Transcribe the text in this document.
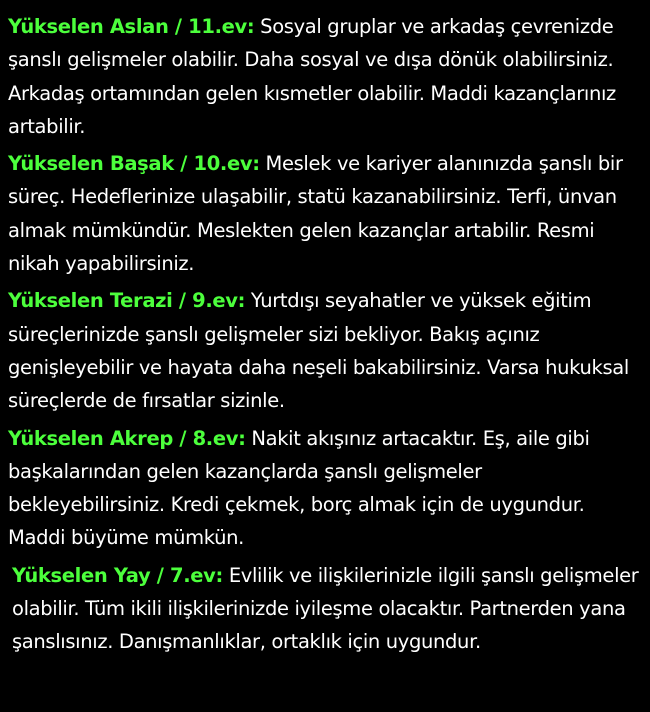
Yükselen Aslan / 11.ev: Sosyal gruplar ve arkadaş çevrenizde şanslı gelişmeler olabilir. Daha sosyal ve dışa dönük olabilirsiniz. Arkadaş ortamından gelen kısmetler olabilir. Maddi kazançlarınız artabilir.

Yükselen Başak / 10.ev: Meslek ve kariyer alanınızda şanslı bir süreç. Hedeflerinize ulaşabilir, statü kazanabilirsiniz. Terfi, ünvan almak mümkündür. Meslekten gelen kazançlar artabilir. Resmi nikah yapabilirsiniz.

Yükselen Terazi / 9.ev: Yurtdışı seyahatler ve yüksek eğitim süreçlerinizde şanslı gelişmeler sizi bekliyor. Bakış açınız genişleyebilir ve hayata daha neşeli bakabilirsiniz. Varsa hukuksal süreçlerde de fırsatlar sizinle.

Yükselen Akrep / 8.ev: Nakit akışınız artacaktır. Eş, aile gibi başkalarından gelen kazançlarda şanslı gelişmeler bekleyebilirsiniz. Kredi çekmek, borç almak için de uygundur. Maddi büyüme mümkün.

Yükselen Yay / 7.ev: Evlilik ve ilişkilerinizle ilgili şanslı gelişmeler olabilir. Tüm ikili ilişkilerinizde iyileşme olacaktır. Partnerden yana şanslısınız. Danışmanlıklar, ortaklık için uygundur.
